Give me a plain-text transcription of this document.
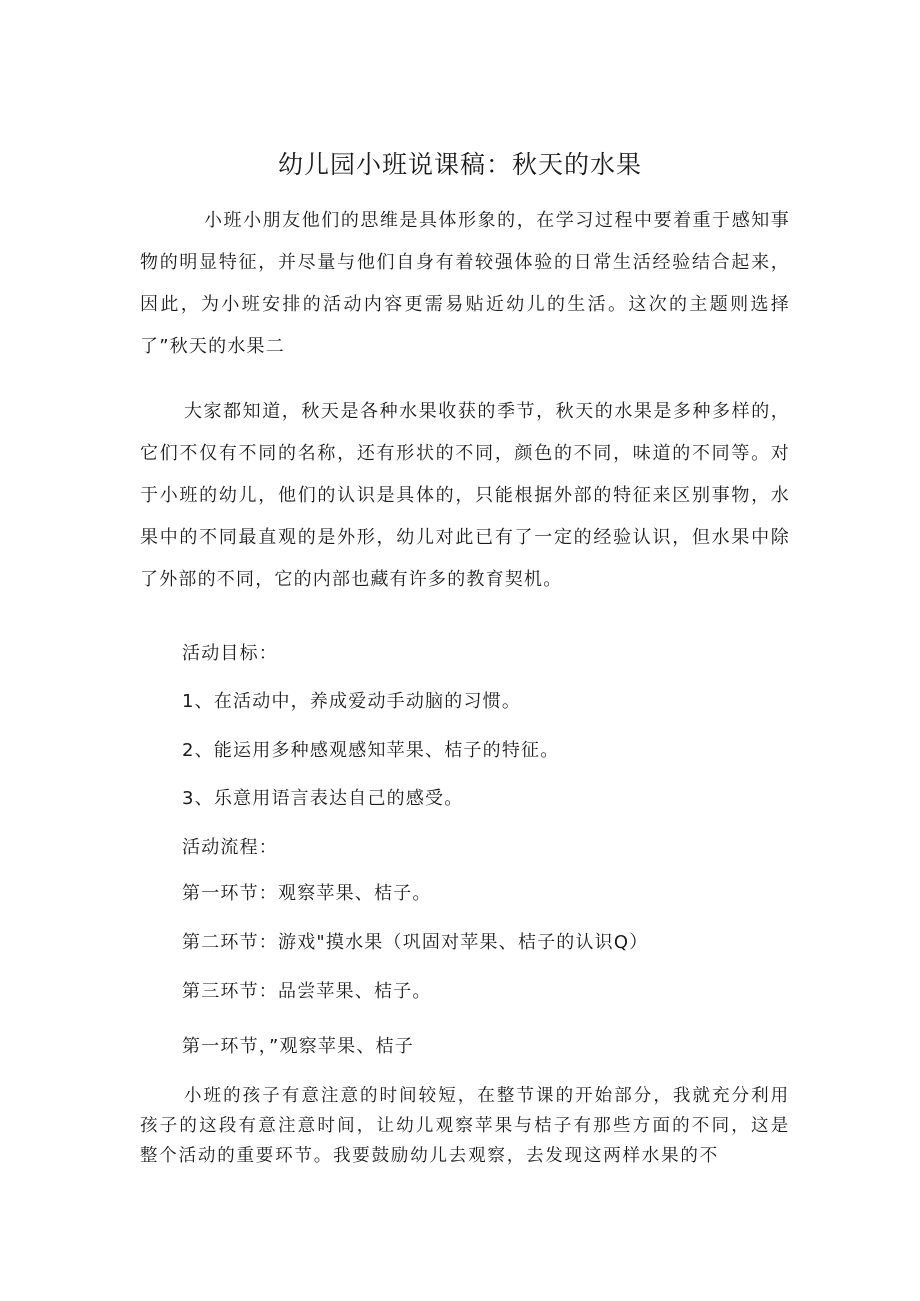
幼儿园小班说课稿：秋天的水果

小班小朋友他们的思维是具体形象的，在学习过程中要着重于感知事物的明显特征，并尽量与他们自身有着较强体验的日常生活经验结合起来，因此，为小班安排的活动内容更需易贴近幼儿的生活。这次的主题则选择了”秋天的水果二

大家都知道，秋天是各种水果收获的季节，秋天的水果是多种多样的，它们不仅有不同的名称，还有形状的不同，颜色的不同，味道的不同等。对于小班的幼儿，他们的认识是具体的，只能根据外部的特征来区别事物，水果中的不同最直观的是外形，幼儿对此已有了一定的经验认识，但水果中除了外部的不同，它的内部也藏有许多的教育契机。

活动目标：

1、在活动中，养成爱动手动脑的习惯。

2、能运用多种感观感知苹果、桔子的特征。

3、乐意用语言表达自己的感受。

活动流程：

第一环节：观察苹果、桔子。

第二环节：游戏"摸水果（巩固对苹果、桔子的认识Q）

第三环节：品尝苹果、桔子。

第一环节，”观察苹果、桔子

小班的孩子有意注意的时间较短，在整节课的开始部分，我就充分利用孩子的这段有意注意时间，让幼儿观察苹果与桔子有那些方面的不同，这是整个活动的重要环节。我要鼓励幼儿去观察，去发现这两样水果的不
